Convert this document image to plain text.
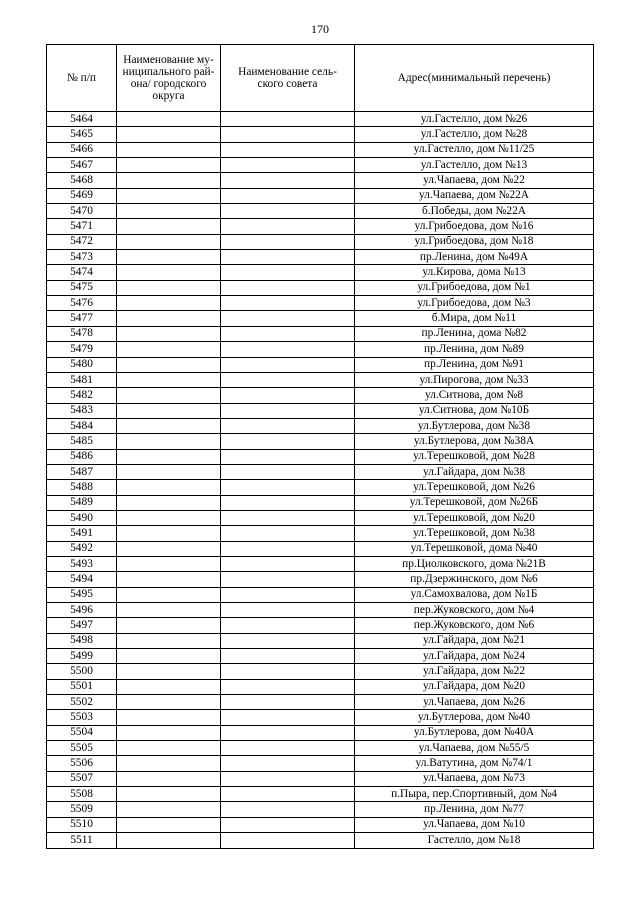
170
№ п/п	Наименование му-
ниципального рай-
она/ городского
округа	Наименование сель-
ского совета	Адрес(минимальный перечень)
5464			ул.Гастелло, дом №26
5465			ул.Гастелло, дом №28
5466			ул.Гастелло, дом №11/25
5467			ул.Гастелло, дом №13
5468			ул.Чапаева, дом №22
5469			ул.Чапаева, дом №22А
5470			б.Победы, дом №22А
5471			ул.Грибоедова, дом №16
5472			ул.Грибоедова, дом №18
5473			пр.Ленина, дом №49А
5474			ул.Кирова, дома №13
5475			ул.Грибоедова, дом №1
5476			ул.Грибоедова, дом №3
5477			б.Мира, дом №11
5478			пр.Ленина, дома №82
5479			пр.Ленина, дом №89
5480			пр.Ленина, дом №91
5481			ул.Пирогова, дом №33
5482			ул.Ситнова, дом №8
5483			ул.Ситнова, дом №10Б
5484			ул.Бутлерова, дом №38
5485			ул.Бутлерова, дом №38А
5486			ул.Терешковой, дом №28
5487			ул.Гайдара, дом №38
5488			ул.Терешковой, дом №26
5489			ул.Терешковой, дом №26Б
5490			ул.Терешковой, дом №20
5491			ул.Терешковой, дом №38
5492			ул.Терешковой, дома №40
5493			пр.Циолковского, дома №21В
5494			пр.Дзержинского, дом №6
5495			ул.Самохвалова, дом №1Б
5496			пер.Жуковского, дом №4
5497			пер.Жуковского, дом №6
5498			ул.Гайдара, дом №21
5499			ул.Гайдара, дом №24
5500			ул.Гайдара, дом №22
5501			ул.Гайдара, дом №20
5502			ул.Чапаева, дом №26
5503			ул.Бутлерова, дом №40
5504			ул.Бутлерова, дом №40А
5505			ул.Чапаева, дом №55/5
5506			ул.Ватутина, дом №74/1
5507			ул.Чапаева, дом №73
5508			п.Пыра, пер.Спортивный, дом №4
5509			пр.Ленина, дом №77
5510			ул.Чапаева, дом №10
5511			Гастелло, дом №18
